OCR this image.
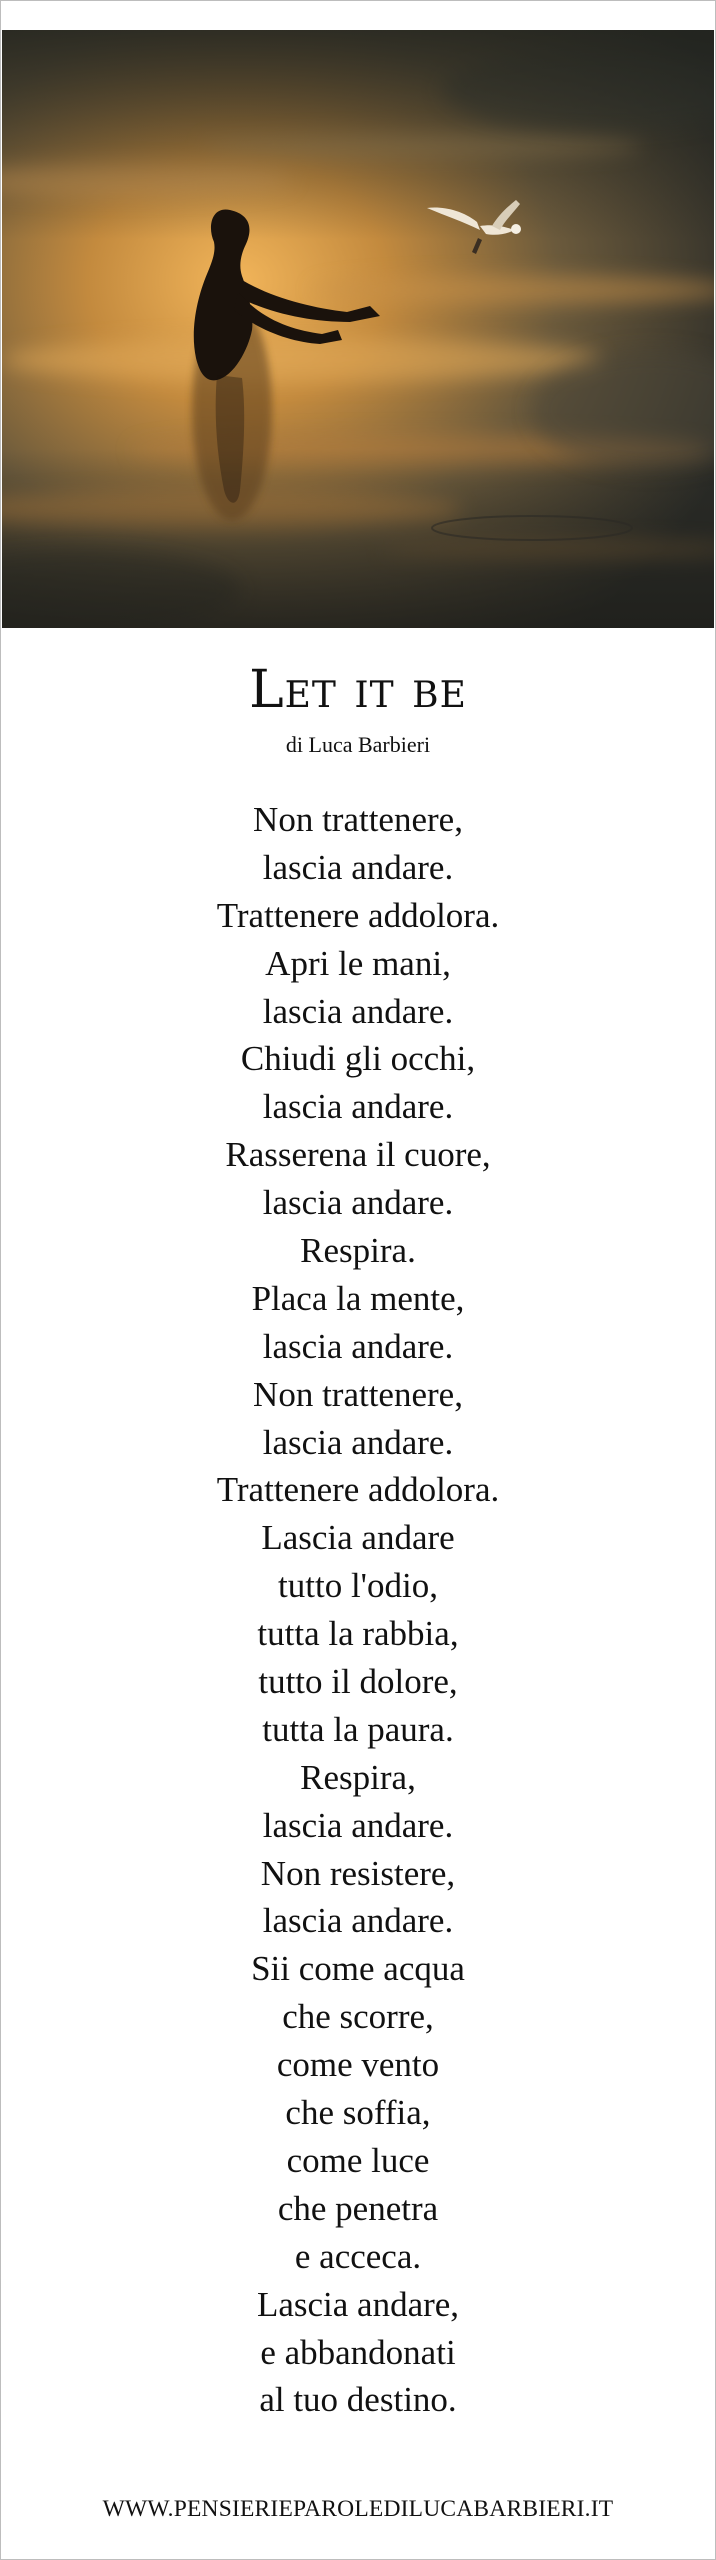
Let it be
di Luca Barbieri
Non trattenere,
lascia andare.
Trattenere addolora.
Apri le mani,
lascia andare.
Chiudi gli occhi,
lascia andare.
Rasserena il cuore,
lascia andare.
Respira.
Placa la mente,
lascia andare.
Non trattenere,
lascia andare.
Trattenere addolora.
Lascia andare
tutto l'odio,
tutta la rabbia,
tutto il dolore,
tutta la paura.
Respira,
lascia andare.
Non resistere,
lascia andare.
Sii come acqua
che scorre,
come vento
che soffia,
come luce
che penetra
e acceca.
Lascia andare,
e abbandonati
al tuo destino.
WWW.PENSIERIEPAROLEDILUCABARBIERI.IT
